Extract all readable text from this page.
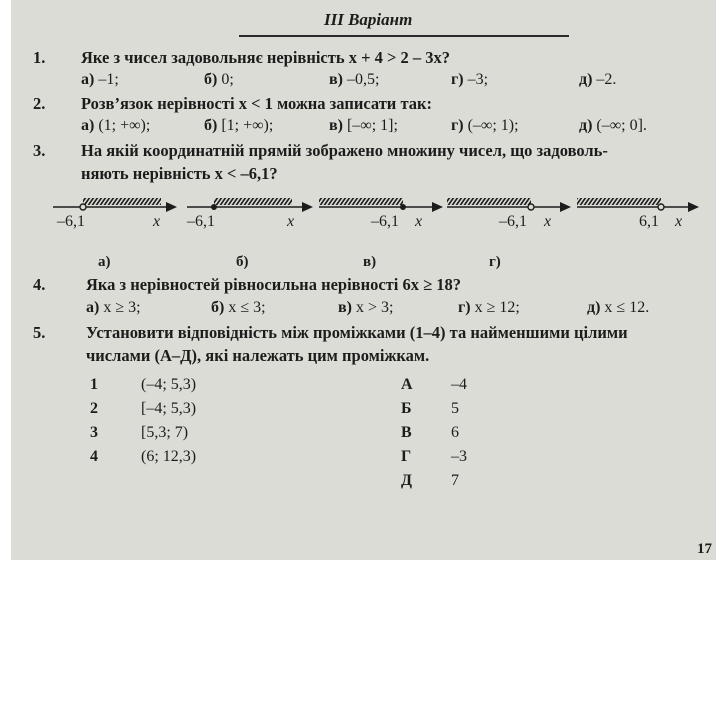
ІІІ Варіант
1. Яке з чисел задовольняє нерівність x + 4 > 2 – 3x?
а) –1;	б) 0;	в) –0,5;	г) –3;	д) –2.
2. Розв’язок нерівності x < 1 можна записати так:
а) (1; +∞);	б) [1; +∞);	в) [–∞; 1];	г) (–∞; 1);	д) (–∞; 0].
3. На якій координатній прямій зображено множину чисел, що задоволь-
няють нерівність x < –6,1?
–6,1	x –6,1	x	–6,1 x	–6,1 x	6,1 x
а)	б)	в)	г)
4. Яка з нерівностей рівносильна нерівності 6x ≥ 18?
а) x ≥ 3;	б) x ≤ 3;	в) x > 3;	г) x ≥ 12;	д) x ≤ 12.
5. Установити відповідність між проміжками (1–4) та найменшими цілими
числами (А–Д), які належать цим проміжкам.
1	(–4; 5,3)
2	[–4; 5,3)
3	[5,3; 7)
4	(6; 12,3)
А –4
Б 5
В 6
Г –3
Д 7
17
